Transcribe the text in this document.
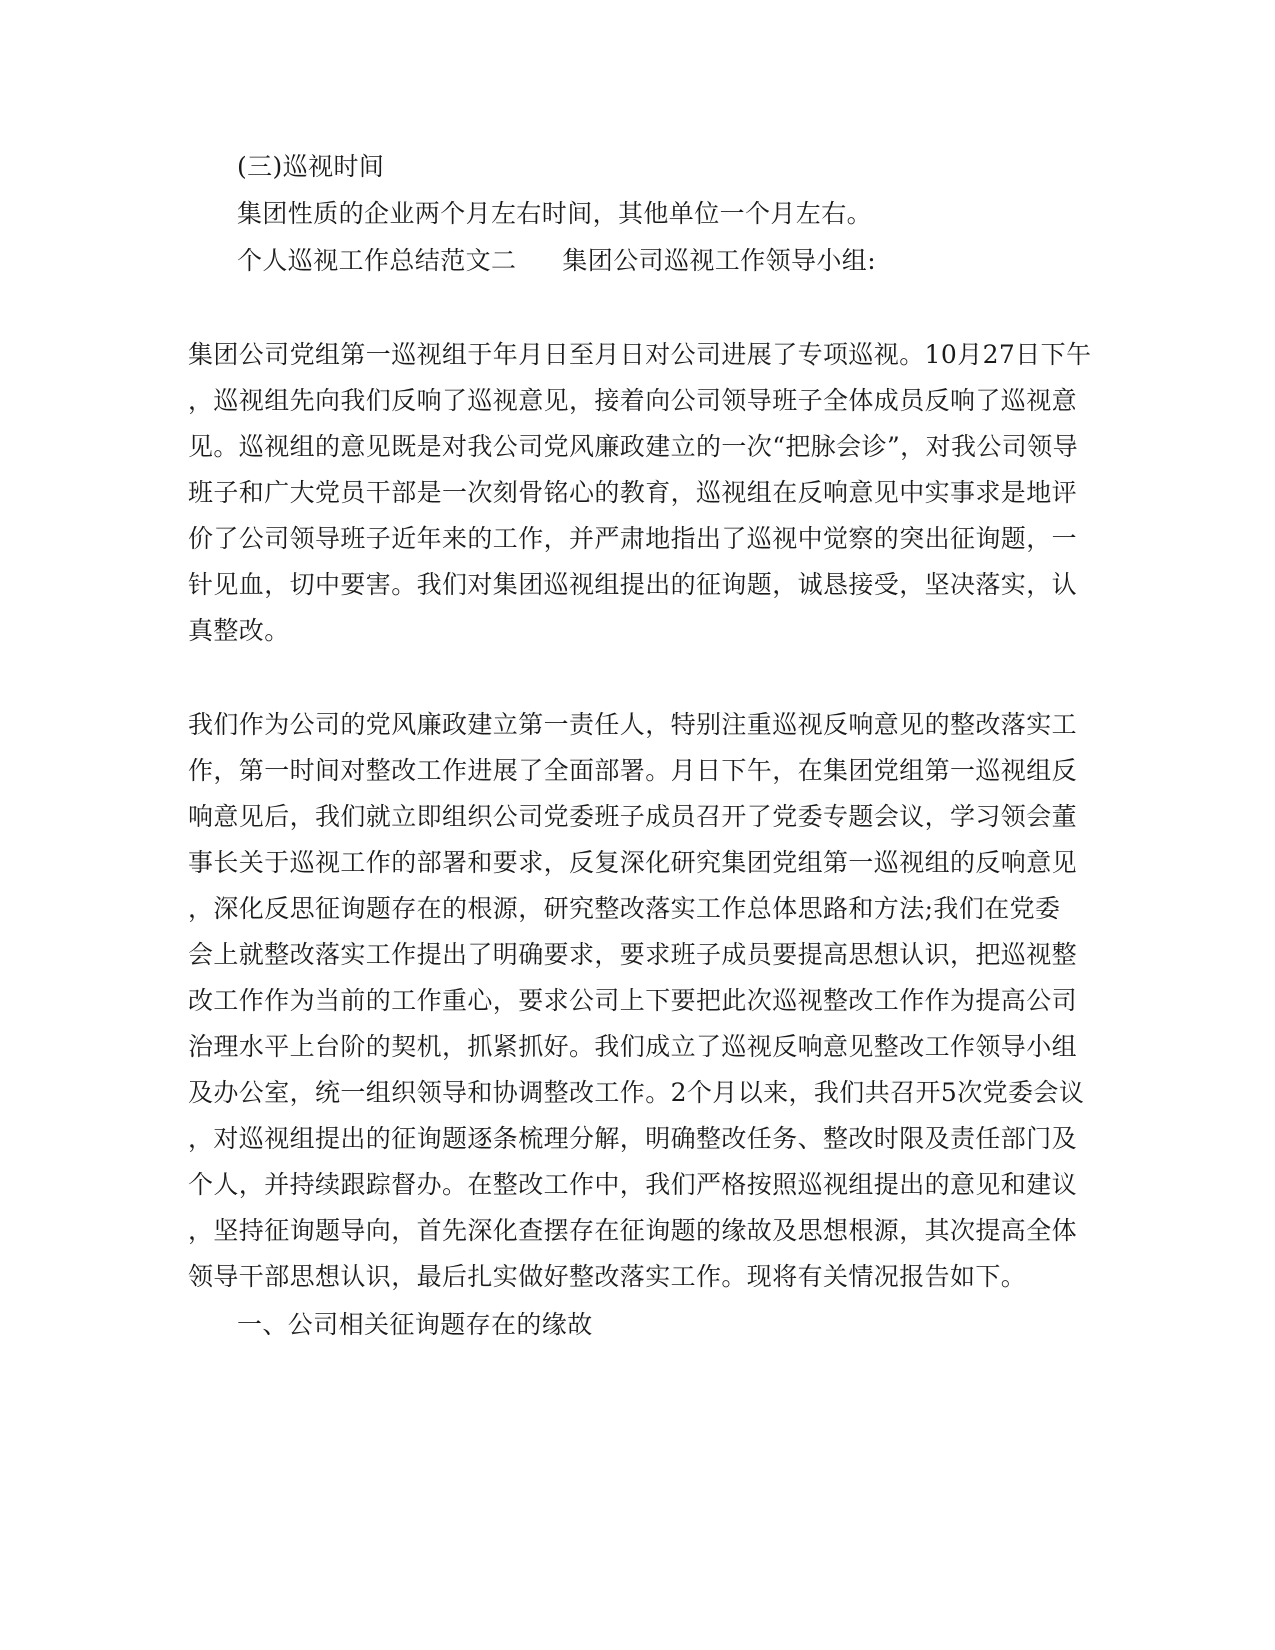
(三)巡视时间
集团性质的企业两个月左右时间，其他单位一个月左右。
个人巡视工作总结范文二 集团公司巡视工作领导小组:
集团公司党组第一巡视组于年月日至月日对公司进展了专项巡视。10月27日下午
，巡视组先向我们反响了巡视意见，接着向公司领导班子全体成员反响了巡视意
见。巡视组的意见既是对我公司党风廉政建立的一次“把脉会诊”，对我公司领导
班子和广大党员干部是一次刻骨铭心的教育，巡视组在反响意见中实事求是地评
价了公司领导班子近年来的工作，并严肃地指出了巡视中觉察的突出征询题，一
针见血，切中要害。我们对集团巡视组提出的征询题，诚恳接受，坚决落实，认
真整改。
我们作为公司的党风廉政建立第一责任人，特别注重巡视反响意见的整改落实工
作，第一时间对整改工作进展了全面部署。月日下午，在集团党组第一巡视组反
响意见后，我们就立即组织公司党委班子成员召开了党委专题会议，学习领会董
事长关于巡视工作的部署和要求，反复深化研究集团党组第一巡视组的反响意见
，深化反思征询题存在的根源，研究整改落实工作总体思路和方法;我们在党委
会上就整改落实工作提出了明确要求，要求班子成员要提高思想认识，把巡视整
改工作作为当前的工作重心，要求公司上下要把此次巡视整改工作作为提高公司
治理水平上台阶的契机，抓紧抓好。我们成立了巡视反响意见整改工作领导小组
及办公室，统一组织领导和协调整改工作。2个月以来，我们共召开5次党委会议
，对巡视组提出的征询题逐条梳理分解，明确整改任务、整改时限及责任部门及
个人，并持续跟踪督办。在整改工作中，我们严格按照巡视组提出的意见和建议
，坚持征询题导向，首先深化查摆存在征询题的缘故及思想根源，其次提高全体
领导干部思想认识，最后扎实做好整改落实工作。现将有关情况报告如下。
一、公司相关征询题存在的缘故
